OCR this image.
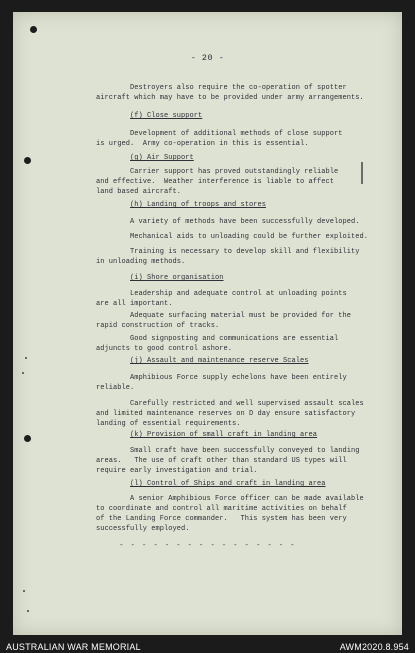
- 20 -
Destroyers also require the co-operation of spotter
aircraft which may have to be provided under army arrangements.
(f) Close support
Development of additional methods of close support
is urged.  Army co-operation in this is essential.
(g) Air Support
Carrier support has proved outstandingly reliable
and effective.  Weather interference is liable to affect
land based aircraft.
(h) Landing of troops and stores
A variety of methods have been successfully developed.
Mechanical aids to unloading could be further exploited.
Training is necessary to develop skill and flexibility
in unloading methods.
(i) Shore organisation
Leadership and adequate control at unloading points
are all important.
Adequate surfacing material must be provided for the
rapid construction of tracks.
Good signposting and communications are essential
adjuncts to good control ashore.
(j) Assault and maintenance reserve Scales
Amphibious Force supply echelons have been entirely
reliable.
Carefully restricted and well supervised assault scales
and limited maintenance reserves on D day ensure satisfactory
landing of essential requirements.
(k) Provision of small craft in landing area
Small craft have been successfully conveyed to landing
areas.   The use of craft other than standard US types will
require early investigation and trial.
(l) Control of Ships and craft in landing area
A senior Amphibious Force officer can be made available
to coordinate and control all maritime activities on behalf
of the Landing Force commander.   This system has been very
successfully employed.
- - - - - - - - - - - - - - - -
AUSTRALIAN WAR MEMORIAL	AWM2020.8.954
